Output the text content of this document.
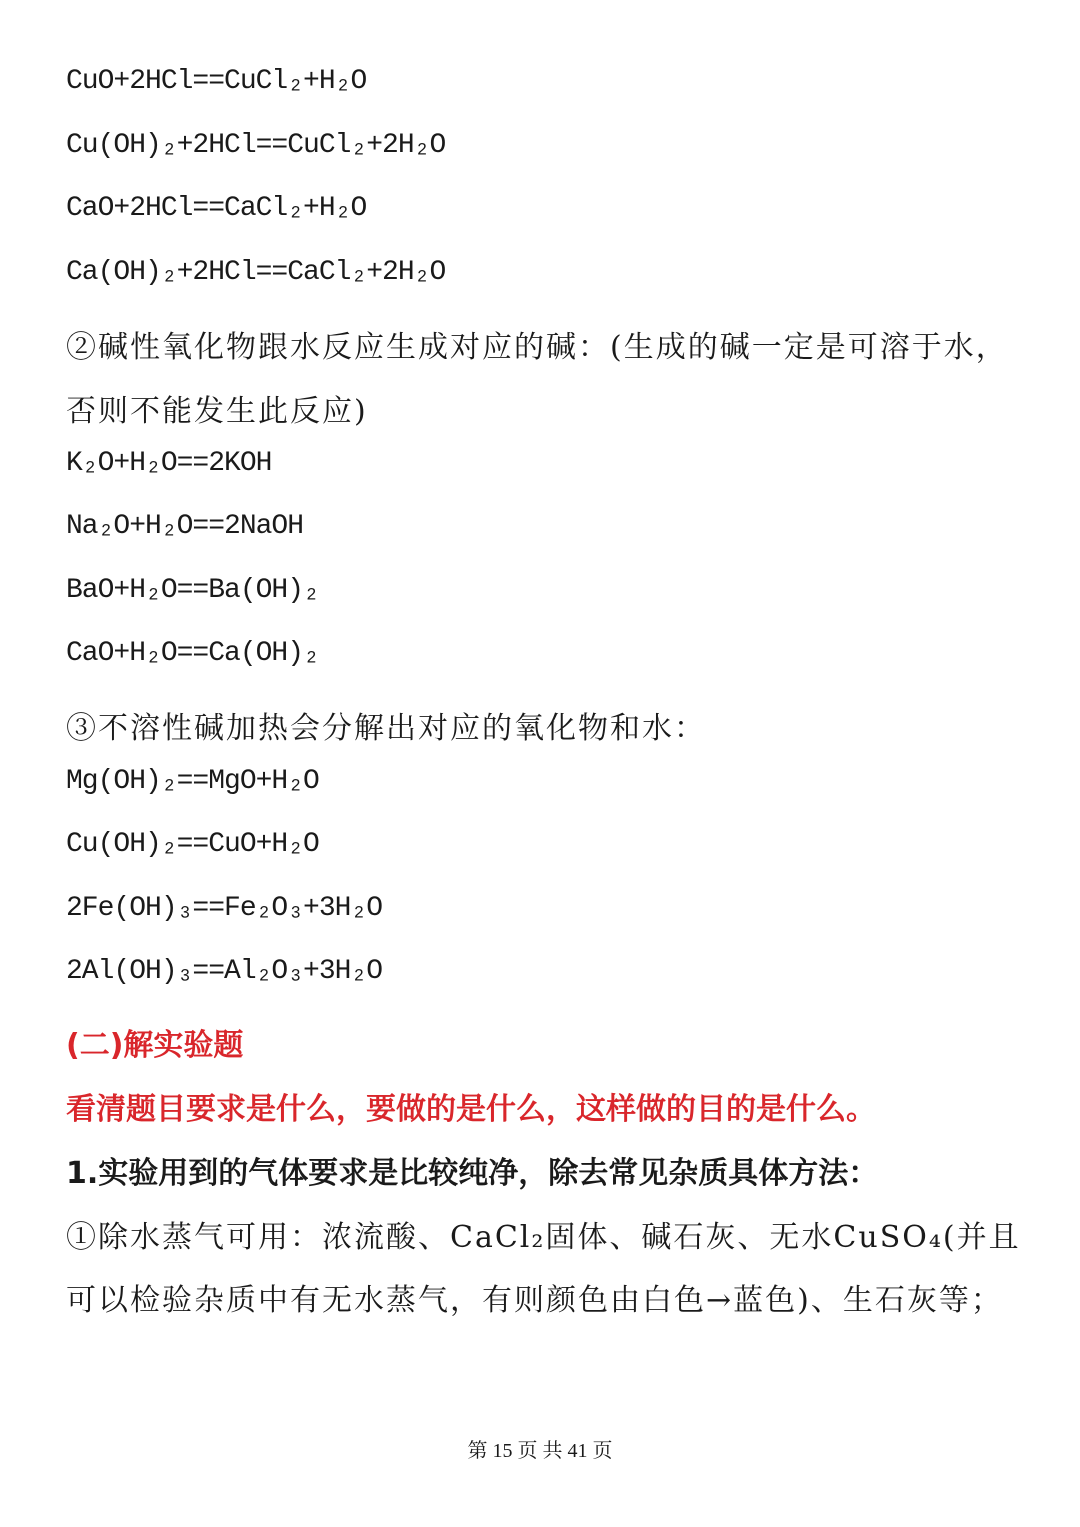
CuO+2HCl==CuCl₂+H₂O
Cu(OH)₂+2HCl==CuCl₂+2H₂O
CaO+2HCl==CaCl₂+H₂O
Ca(OH)₂+2HCl==CaCl₂+2H₂O
②碱性氧化物跟水反应生成对应的碱：(生成的碱一定是可溶于水，
否则不能发生此反应)
K₂O+H₂O==2KOH
Na₂O+H₂O==2NaOH
BaO+H₂O==Ba(OH)₂
CaO+H₂O==Ca(OH)₂
③不溶性碱加热会分解出对应的氧化物和水：
Mg(OH)₂==MgO+H₂O
Cu(OH)₂==CuO+H₂O
2Fe(OH)₃==Fe₂O₃+3H₂O
2Al(OH)₃==Al₂O₃+3H₂O
(二)解实验题
看清题目要求是什么，要做的是什么，这样做的目的是什么。
1.实验用到的气体要求是比较纯净，除去常见杂质具体方法：
①除水蒸气可用：浓流酸、CaCl₂固体、碱石灰、无水CuSO₄(并且
可以检验杂质中有无水蒸气，有则颜色由白色→蓝色)、生石灰等；
第 15 页 共 41 页
